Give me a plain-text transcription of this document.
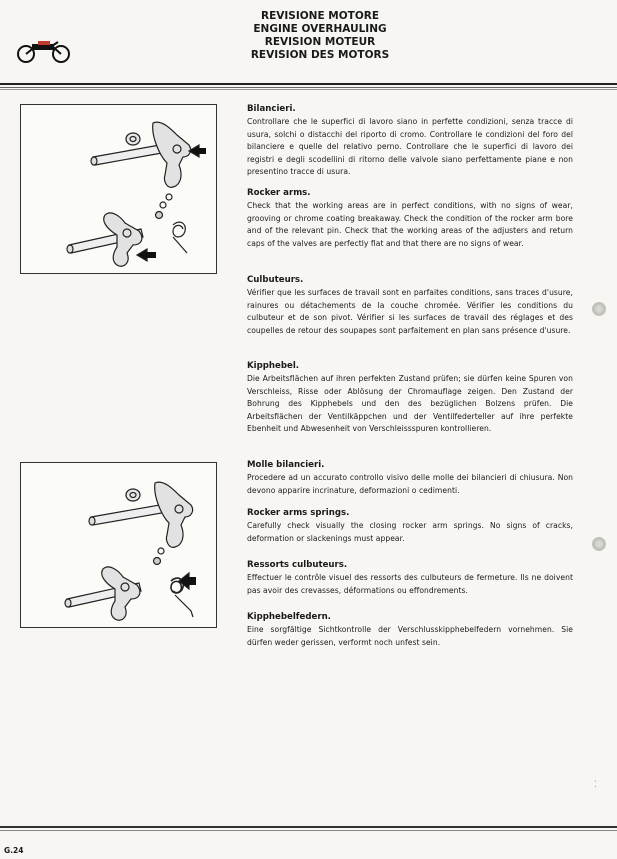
REVISIONE MOTORE
ENGINE OVERHAULING
REVISION MOTEUR
REVISION DES MOTORS
Bilancieri.

Controllare che le superfici di lavoro siano in perfette condizioni, senza tracce di usura, solchi o distacchi del riporto di cromo. Controllare le condizioni del foro del bilanciere e quelle del relativo perno. Controllare che le superfici di lavoro dei registri e degli scodellini di ritorno delle valvole siano perfettamente piane e non presentino tracce di usura.

Rocker arms.

Check that the working areas are in perfect conditions, with no signs of wear, grooving or chrome coating breakaway. Check the condition of the rocker arm bore and of the relevant pin. Check that the working areas of the adjusters and return caps of the valves are perfectly flat and that there are no signs of wear.

Culbuteurs.

Vérifier que les surfaces de travail sont en parfaites conditions, sans traces d'usure, rainures ou détachements de la couche chromée. Vérifier les conditions du culbuteur et de son pivot. Vérifier si les surfaces de travail des réglages et des coupelles de retour des soupapes sont parfaitement en plan sans présence d'usure.

Kipphebel.

Die Arbeitsflächen auf ihren perfekten Zustand prüfen; sie dürfen keine Spuren von Verschleiss, Risse oder Ablösung der Chromauflage zeigen. Den Zustand der Bohrung des Kipphebels und den des bezüglichen Bolzens prüfen. Die Arbeitsflächen der Ventilkäppchen und der Ventilfederteller auf ihre perfekte Ebenheit und Abwesenheit von Verschleissspuren kontrollieren.

Molle bilancieri.

Procedere ad un accurato controllo visivo delle molle dei bilancieri di chiusura. Non devono apparire incrinature, deformazioni o cedimenti.

Rocker arms springs.

Carefully check visually the closing rocker arm springs. No signs of cracks, deformation or slackenings must appear.

Ressorts culbuteurs.

Effectuer le contrôle visuel des ressorts des culbuteurs de fermeture. Ils ne doivent pas avoir des crevasses, déformations ou effondrements.

Kipphebelfedern.

Eine sorgfältige Sichtkontrolle der Verschlusskipphebelfedern vornehmen. Sie dürfen weder gerissen, verformt noch unfest sein.

⁚
G.24
